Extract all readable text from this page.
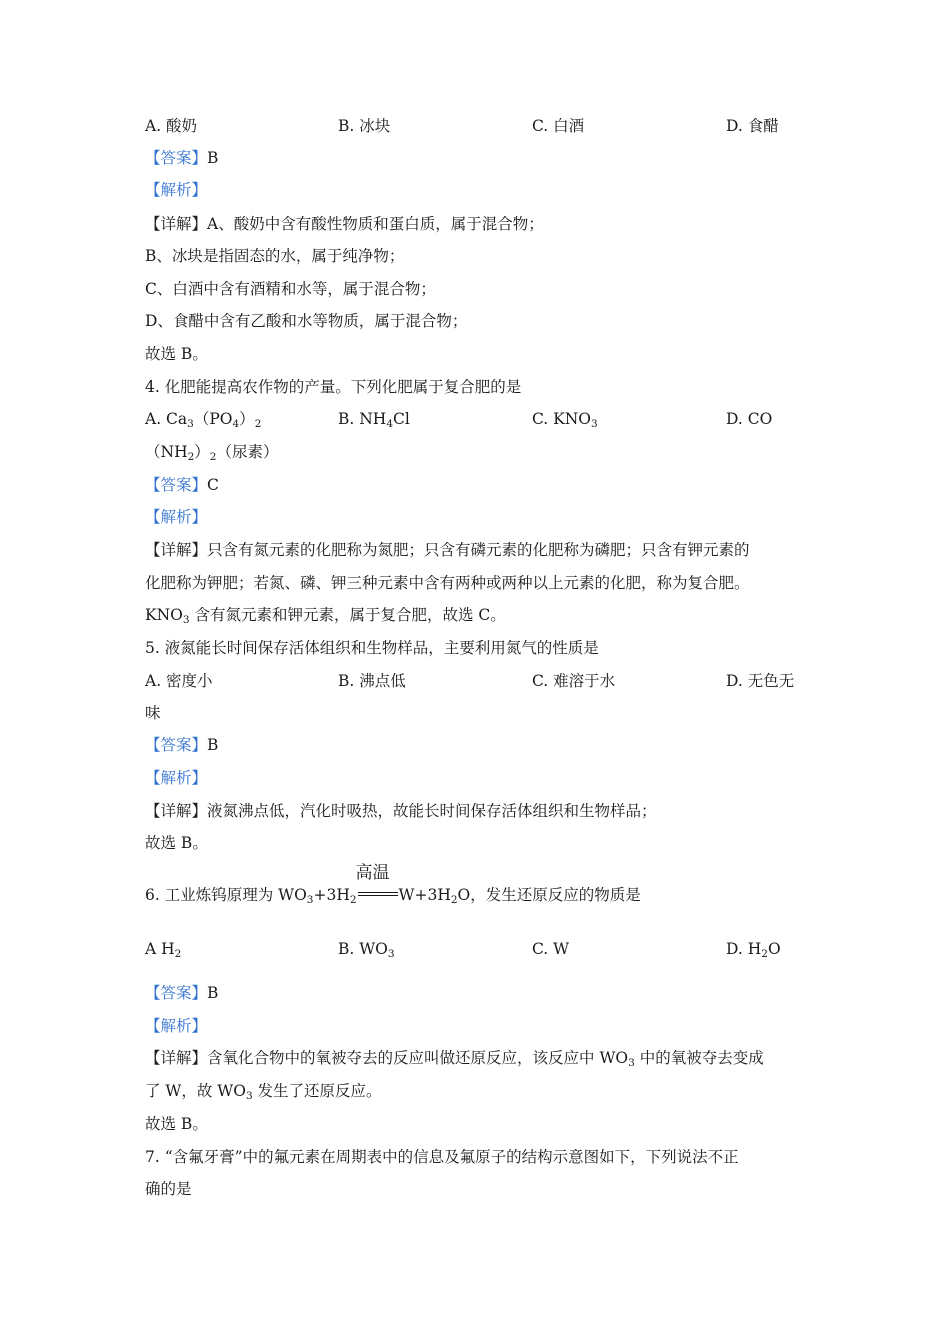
A. 酸奶	B. 冰块	C. 白酒	D. 食醋
【答案】B
【解析】
【详解】A、酸奶中含有酸性物质和蛋白质，属于混合物；
B、冰块是指固态的水，属于纯净物；
C、白酒中含有酒精和水等，属于混合物；
D、食醋中含有乙酸和水等物质，属于混合物；
故选 B。
4. 化肥能提高农作物的产量。下列化肥属于复合肥的是
A. $Ca_3(PO_4)_2$	B. $NH_4Cl$	C. $KNO_3$	D. CO
$(NH_2)_2$（尿素）
【答案】C
【解析】
【详解】只含有氮元素的化肥称为氮肥；只含有磷元素的化肥称为磷肥；只含有钾元素的
化肥称为钾肥；若氮、磷、钾三种元素中含有两种或两种以上元素的化肥，称为复合肥。
$KNO_3$ 含有氮元素和钾元素，属于复合肥，故选 C。
5. 液氮能长时间保存活体组织和生物样品，主要利用氮气的性质是
A. 密度小	B. 沸点低	C. 难溶于水	D. 无色无
味
【答案】B
【解析】
【详解】液氮沸点低，汽化时吸热，故能长时间保存活体组织和生物样品；
故选 B。
6. 工业炼钨原理为 $WO_3+3H_2$
高温
$W+3H_2O$，发生还原反应的物质是
A $H_2$	B. $WO_3$	C. W	D. $H_2O$
【答案】B
【解析】
【详解】含氧化合物中的氧被夺去的反应叫做还原反应，该反应中 $WO_3$ 中的氧被夺去变成
了 W，故 $WO_3$ 发生了还原反应。
故选 B。
7. “含氟牙膏”中的氟元素在周期表中的信息及氟原子的结构示意图如下，下列说法不正
确的是
